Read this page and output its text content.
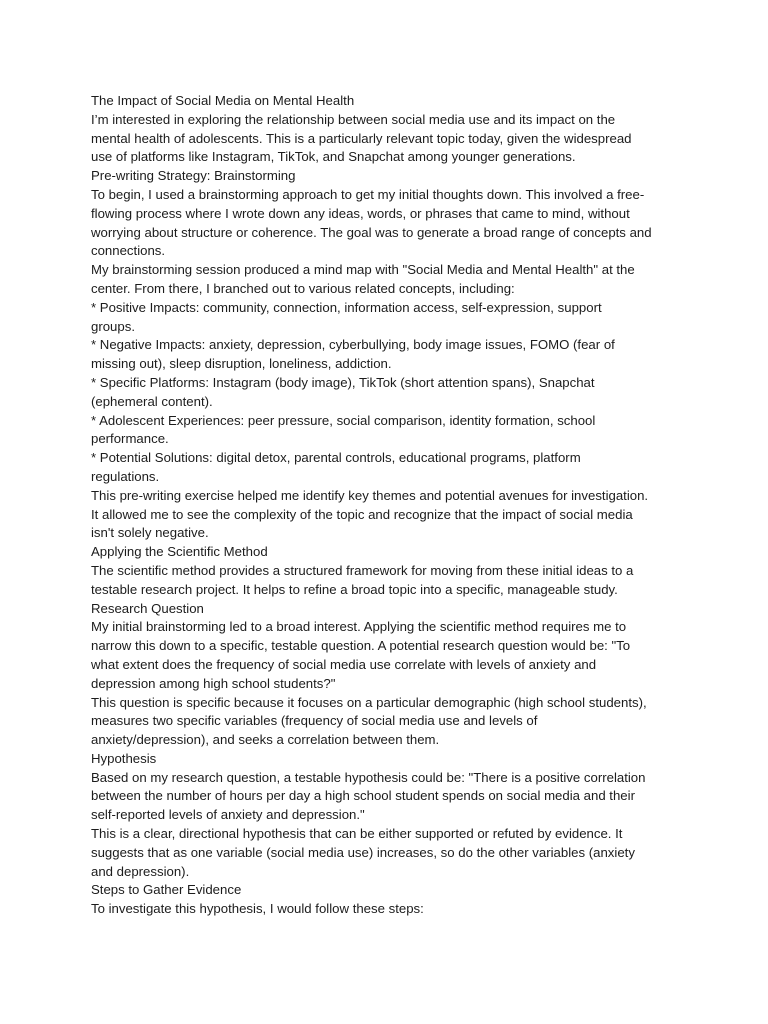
The Impact of Social Media on Mental Health
I’m interested in exploring the relationship between social media use and its impact on the
mental health of adolescents. This is a particularly relevant topic today, given the widespread
use of platforms like Instagram, TikTok, and Snapchat among younger generations.
Pre-writing Strategy: Brainstorming
To begin, I used a brainstorming approach to get my initial thoughts down. This involved a free-
flowing process where I wrote down any ideas, words, or phrases that came to mind, without
worrying about structure or coherence. The goal was to generate a broad range of concepts and
connections.
My brainstorming session produced a mind map with "Social Media and Mental Health" at the
center. From there, I branched out to various related concepts, including:
* Positive Impacts: community, connection, information access, self-expression, support
groups.
* Negative Impacts: anxiety, depression, cyberbullying, body image issues, FOMO (fear of
missing out), sleep disruption, loneliness, addiction.
* Specific Platforms: Instagram (body image), TikTok (short attention spans), Snapchat
(ephemeral content).
* Adolescent Experiences: peer pressure, social comparison, identity formation, school
performance.
* Potential Solutions: digital detox, parental controls, educational programs, platform
regulations.
This pre-writing exercise helped me identify key themes and potential avenues for investigation.
It allowed me to see the complexity of the topic and recognize that the impact of social media
isn't solely negative.
Applying the Scientific Method
The scientific method provides a structured framework for moving from these initial ideas to a
testable research project. It helps to refine a broad topic into a specific, manageable study.
Research Question
My initial brainstorming led to a broad interest. Applying the scientific method requires me to
narrow this down to a specific, testable question. A potential research question would be: "To
what extent does the frequency of social media use correlate with levels of anxiety and
depression among high school students?"
This question is specific because it focuses on a particular demographic (high school students),
measures two specific variables (frequency of social media use and levels of
anxiety/depression), and seeks a correlation between them.
Hypothesis
Based on my research question, a testable hypothesis could be: "There is a positive correlation
between the number of hours per day a high school student spends on social media and their
self-reported levels of anxiety and depression."
This is a clear, directional hypothesis that can be either supported or refuted by evidence. It
suggests that as one variable (social media use) increases, so do the other variables (anxiety
and depression).
Steps to Gather Evidence
To investigate this hypothesis, I would follow these steps:
